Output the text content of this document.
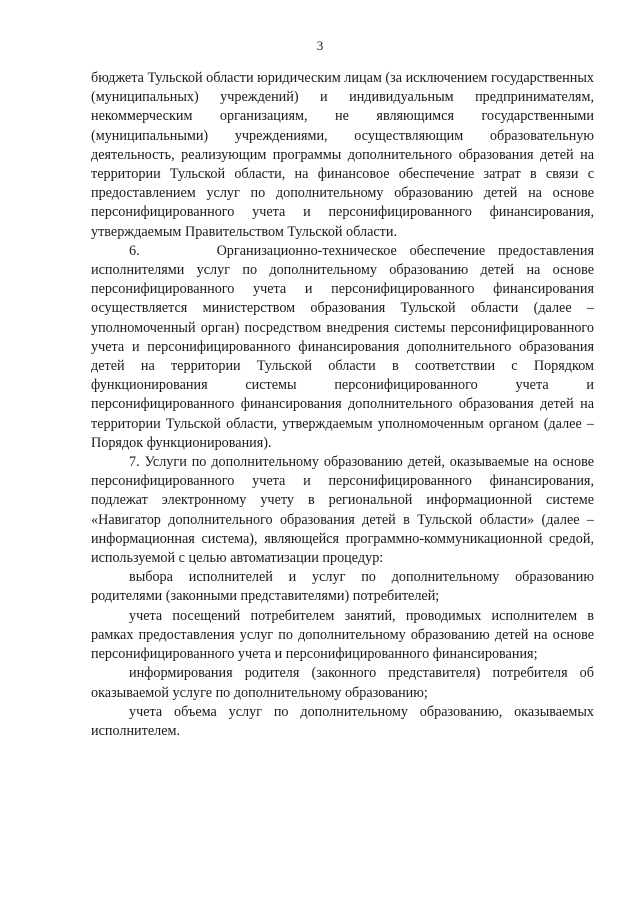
3

бюджета Тульской области юридическим лицам (за исключением государственных (муниципальных) учреждений) и индивидуальным предпринимателям, некоммерческим организациям, не являющимся государственными (муниципальными) учреждениями, осуществляющим образовательную деятельность, реализующим программы дополнительного образования детей на территории Тульской области, на финансовое обеспечение затрат в связи с предоставлением услуг по дополнительному образованию детей на основе персонифицированного учета и персонифицированного финансирования, утверждаемым Правительством Тульской области.

6.      Организационно-техническое обеспечение предоставления исполнителями услуг по дополнительному образованию детей на основе персонифицированного учета и персонифицированного финансирования осуществляется министерством образования Тульской области (далее – уполномоченный орган) посредством внедрения системы персонифицированного учета и персонифицированного финансирования дополнительного образования детей на территории Тульской области в соответствии с Порядком функционирования системы персонифицированного учета и персонифицированного финансирования дополнительного образования детей на территории Тульской области, утверждаемым уполномоченным органом (далее – Порядок функционирования).

7. Услуги по дополнительному образованию детей, оказываемые на основе персонифицированного учета и персонифицированного финансирования, подлежат электронному учету в региональной информационной системе «Навигатор дополнительного образования детей в Тульской области» (далее – информационная система), являющейся программно-коммуникационной средой, используемой с целью автоматизации процедур:

выбора исполнителей и услуг по дополнительному образованию родителями (законными представителями) потребителей;

учета посещений потребителем занятий, проводимых исполнителем в рамках предоставления услуг по дополнительному образованию детей на основе персонифицированного учета и персонифицированного финансирования;

информирования родителя (законного представителя) потребителя об оказываемой услуге по дополнительному образованию;

учета объема услуг по дополнительному образованию, оказываемых исполнителем.
